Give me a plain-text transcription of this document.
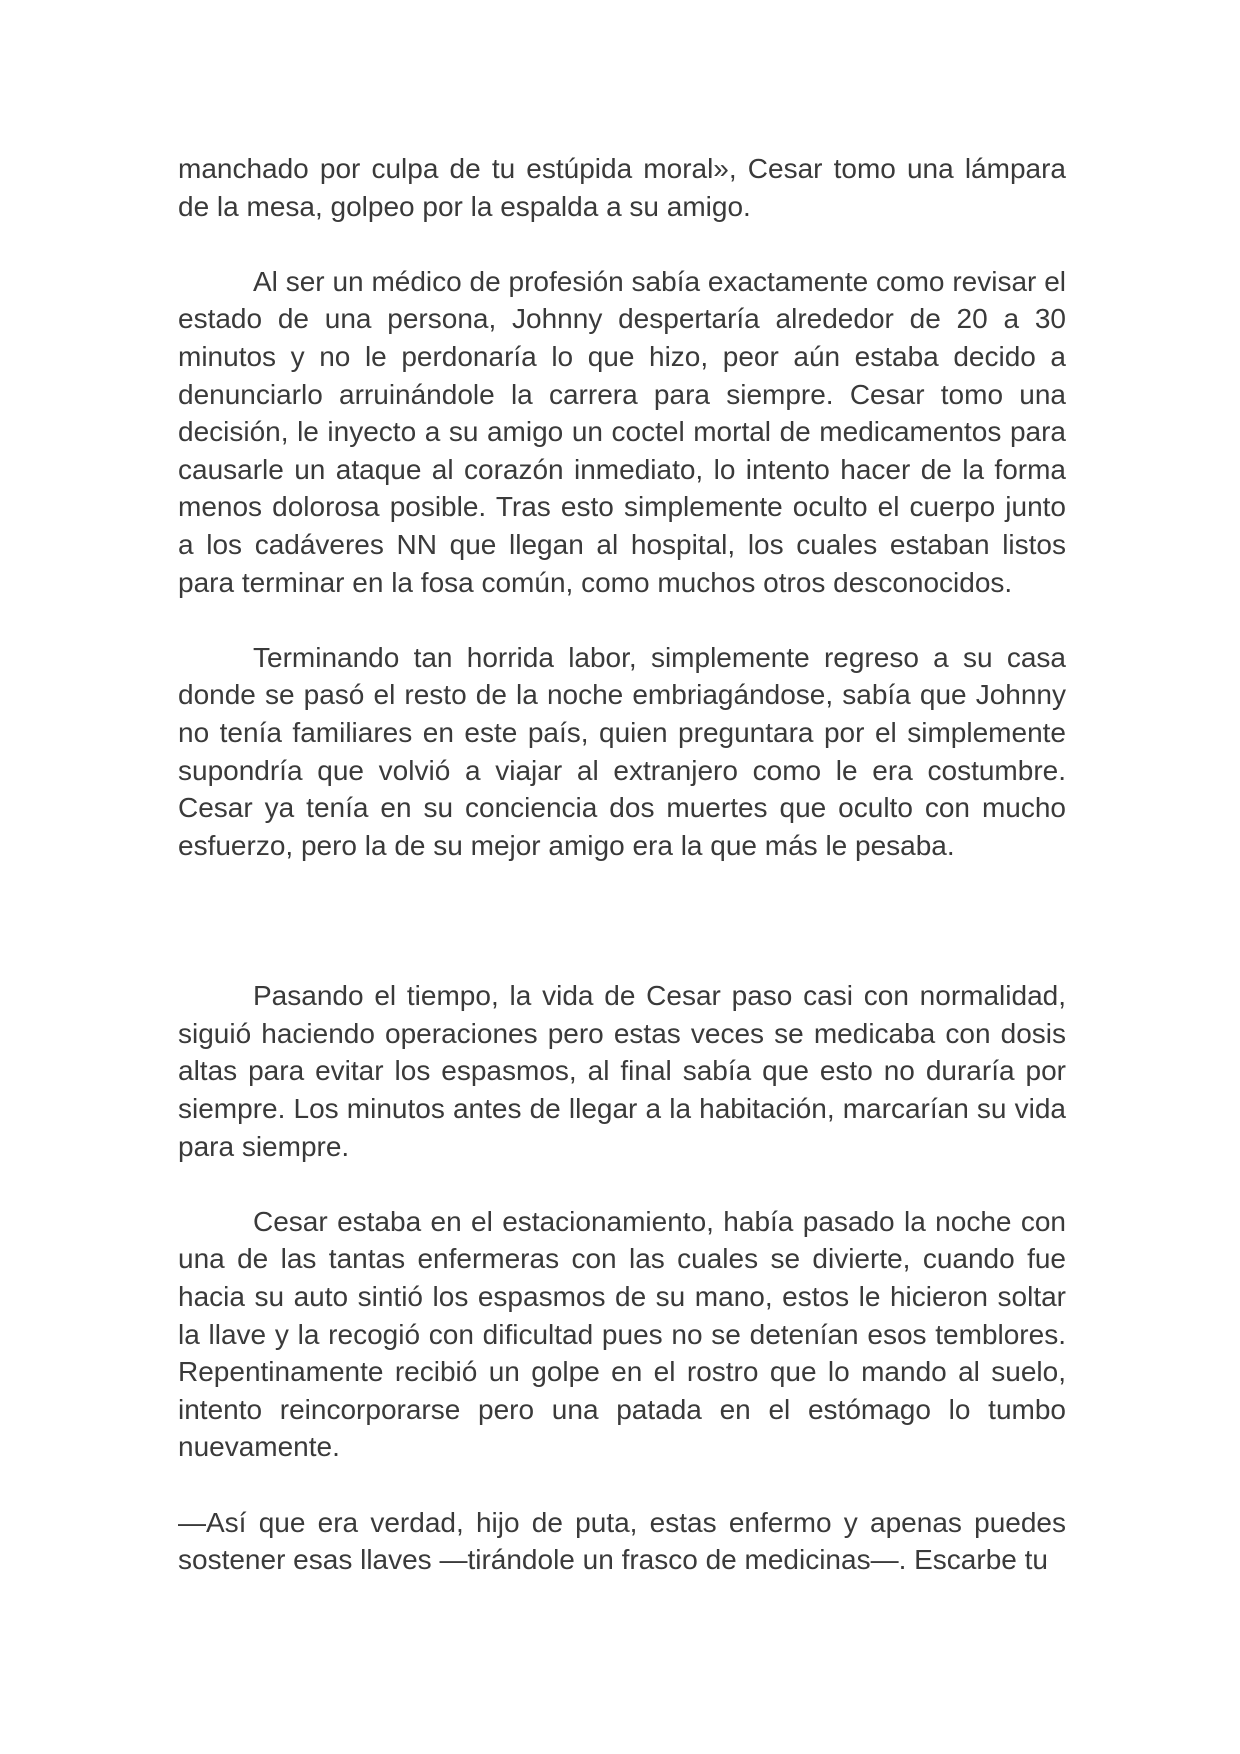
manchado por culpa de tu estúpida moral», Cesar tomo una lámpara de la mesa, golpeo por la espalda a su amigo.

Al ser un médico de profesión sabía exactamente como revisar el estado de una persona, Johnny despertaría alrededor de 20 a 30 minutos y no le perdonaría lo que hizo, peor aún estaba decido a denunciarlo arruinándole la carrera para siempre. Cesar tomo una decisión, le inyecto a su amigo un coctel mortal de medicamentos para causarle un ataque al corazón inmediato, lo intento hacer de la forma menos dolorosa posible. Tras esto simplemente oculto el cuerpo junto a los cadáveres NN que llegan al hospital, los cuales estaban listos para terminar en la fosa común, como muchos otros desconocidos.

Terminando tan horrida labor, simplemente regreso a su casa donde se pasó el resto de la noche embriagándose, sabía que Johnny no tenía familiares en este país, quien preguntara por el simplemente supondría que volvió a viajar al extranjero como le era costumbre. Cesar ya tenía en su conciencia dos muertes que oculto con mucho esfuerzo, pero la de su mejor amigo era la que más le pesaba.

Pasando el tiempo, la vida de Cesar paso casi con normalidad, siguió haciendo operaciones pero estas veces se medicaba con dosis altas para evitar los espasmos, al final sabía que esto no duraría por siempre. Los minutos antes de llegar a la habitación, marcarían su vida para siempre.

Cesar estaba en el estacionamiento, había pasado la noche con una de las tantas enfermeras con las cuales se divierte, cuando fue hacia su auto sintió los espasmos de su mano, estos le hicieron soltar la llave y la recogió con dificultad pues no se detenían esos temblores. Repentinamente recibió un golpe en el rostro que lo mando al suelo, intento reincorporarse pero una patada en el estómago lo tumbo nuevamente.

—Así que era verdad, hijo de puta, estas enfermo y apenas puedes sostener esas llaves —tirándole un frasco de medicinas—. Escarbe tu
